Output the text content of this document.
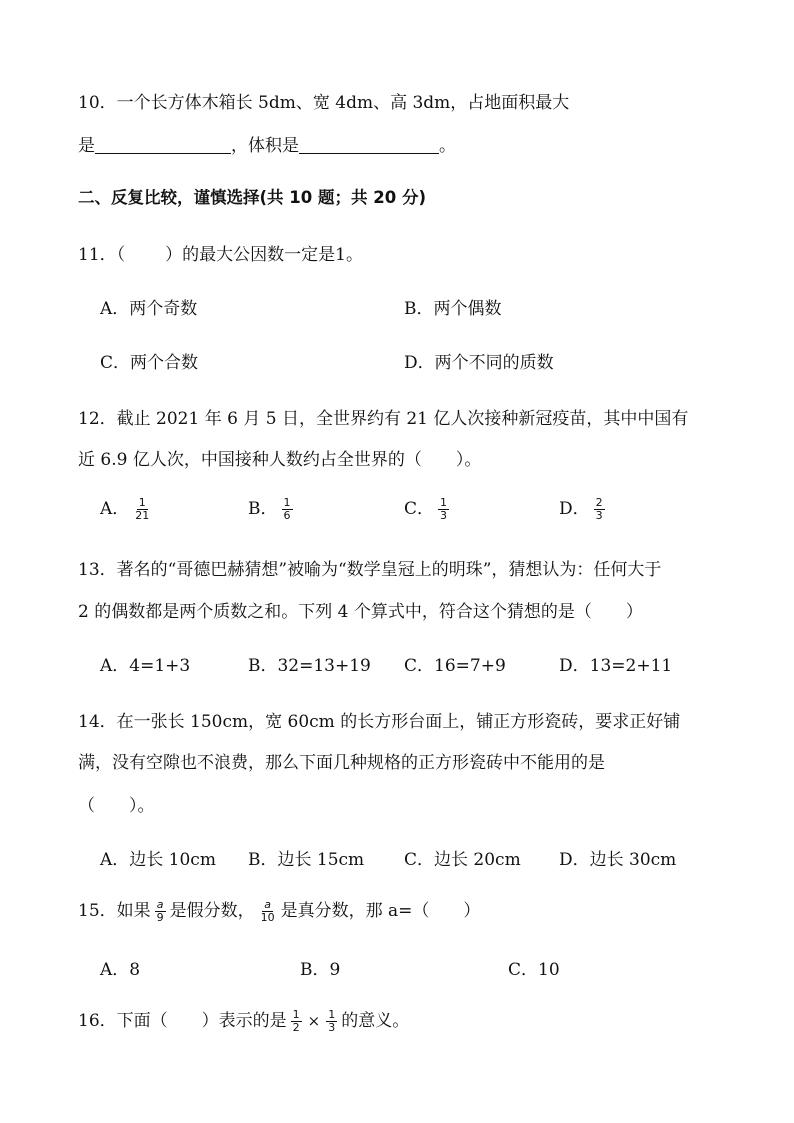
10．一个长方体木箱长 5dm、宽 4dm、高 3dm，占地面积最大
是	，体积是	。
二、反复比较，谨慎选择(共 10 题；共 20 分)
11．（ ）的最大公因数一定是1。
A．两个奇数	B．两个偶数
C．两个合数	D．两个不同的质数
12．截止 2021 年 6 月 5 日，全世界约有 21 亿人次接种新冠疫苗，其中中国有
近 6.9 亿人次，中国接种人数约占全世界的（　　）。
A． $\frac{1}{21}$	B． $\frac{1}{6}$	C． $\frac{1}{3}$	D． $\frac{2}{3}$
13．著名的“哥德巴赫猜想”被喻为“数学皇冠上的明珠”，猜想认为：任何大于
2 的偶数都是两个质数之和。下列 4 个算式中，符合这个猜想的是（　　）
A．4=1+3	B．32=13+19 C．16=7+9	D．13=2+11
14．在一张长 150cm，宽 60cm 的长方形台面上，铺正方形瓷砖，要求正好铺
满，没有空隙也不浪费，那么下面几种规格的正方形瓷砖中不能用的是
（　　）。
A．边长 10cm B．边长 15cm C．边长 20cm D．边长 30cm
15．如果 $\frac{a}{9}$ 是假分数， $\frac{a}{10}$ 是真分数，那 a=（　　）
A．8	B．9	C．10
16．下面（　　）表示的是 $\frac{1}{2} \times \frac{1}{3}$ 的意义。
